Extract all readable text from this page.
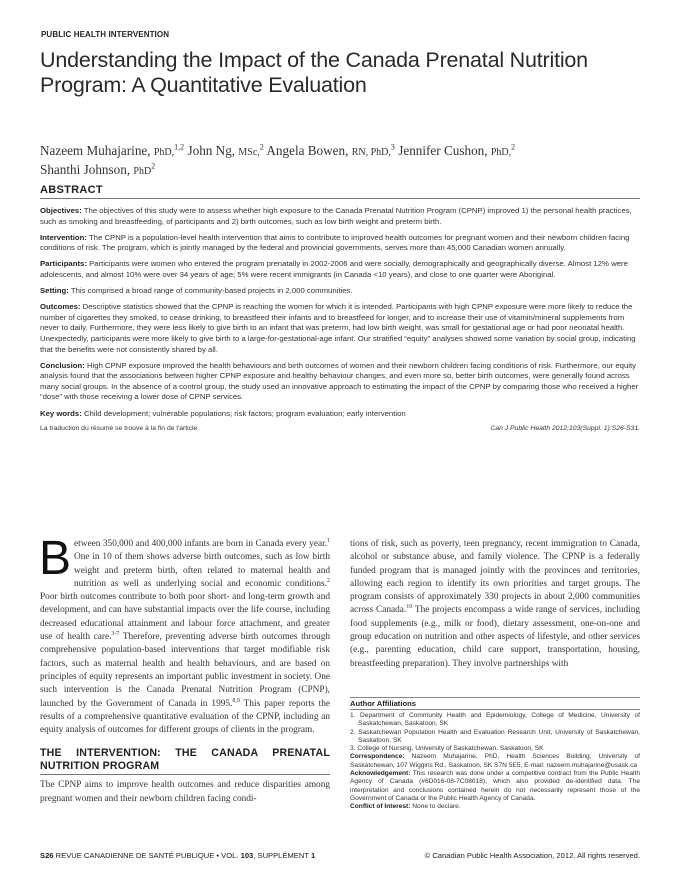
PUBLIC HEALTH INTERVENTION
Understanding the Impact of the Canada Prenatal Nutrition Program: A Quantitative Evaluation
Nazeem Muhajarine, PhD,$^{1,2}$ John Ng, MSc,$^2$ Angela Bowen, RN, PhD,$^3$ Jennifer Cushon, PhD,$^2$
Shanthi Johnson, PhD$^2$
ABSTRACT

Objectives: The objectives of this study were to assess whether high exposure to the Canada Prenatal Nutrition Program (CPNP) improved 1) the personal health practices, such as smoking and breastfeeding, of participants and 2) birth outcomes, such as low birth weight and preterm birth.

Intervention: The CPNP is a population-level health intervention that aims to contribute to improved health outcomes for pregnant women and their newborn children facing conditions of risk. The program, which is jointly managed by the federal and provincial governments, serves more than 45,000 Canadian women annually.

Participants: Participants were women who entered the program prenatally in 2002-2006 and were socially, demographically and geographically diverse. Almost 12% were adolescents, and almost 10% were over 34 years of age; 5% were recent immigrants (in Canada <10 years), and close to one quarter were Aboriginal.

Setting: This comprised a broad range of community-based projects in 2,000 communities.

Outcomes: Descriptive statistics showed that the CPNP is reaching the women for which it is intended. Participants with high CPNP exposure were more likely to reduce the number of cigarettes they smoked, to cease drinking, to breastfeed their infants and to breastfeed for longer, and to increase their use of vitamin/mineral supplements from never to daily. Furthermore, they were less likely to give birth to an infant that was preterm, had low birth weight, was small for gestational age or had poor neonatal health. Unexpectedly, participants were more likely to give birth to a large-for-gestational-age infant. Our stratified “equity” analyses showed some variation by social group, indicating that the benefits were not consistently shared by all.

Conclusion: High CPNP exposure improved the health behaviours and birth outcomes of women and their newborn children facing conditions of risk. Furthermore, our equity analysis found that the associations between higher CPNP exposure and healthy behaviour changes, and even more so, better birth outcomes, were generally found across many social groups. In the absence of a control group, the study used an innovative approach to estimating the impact of the CPNP by comparing those who received a higher “dose” with those receiving a lower dose of CPNP services.

Key words: Child development; vulnerable populations; risk factors; program evaluation; early intervention

La traduction du résumé se trouve à la fin de l'article.	Can J Public Health 2012;103(Suppl. 1):S26-S31.

Between 350,000 and 400,000 infants are born in Canada every year.$^1$ One in 10 of them shows adverse birth outcomes, such as low birth weight and preterm birth, often related to maternal health and nutrition as well as underlying social and economic conditions.$^2$ Poor birth outcomes contribute to both poor short- and long-term growth and development, and can have substantial impacts over the life course, including decreased educational attainment and labour force attachment, and greater use of health care.$^{3-7}$ Therefore, preventing adverse birth outcomes through comprehensive population-based interventions that target modifiable risk factors, such as maternal health and health behaviours, and are based on principles of equity represents an important public investment in society. One such intervention is the Canada Prenatal Nutrition Program (CPNP), launched by the Government of Canada in 1995.$^{8,9}$ This paper reports the results of a comprehensive quantitative evaluation of the CPNP, including an equity analysis of outcomes for different groups of clients in the program.

THE INTERVENTION: THE CANADA PRENATAL NUTRITION PROGRAM

The CPNP aims to improve health outcomes and reduce disparities among pregnant women and their newborn children facing condi-

tions of risk, such as poverty, teen pregnancy, recent immigration to Canada, alcohol or substance abuse, and family violence. The CPNP is a federally funded program that is managed jointly with the provinces and territories, allowing each region to identify its own priorities and target groups. The program consists of approximately 330 projects in about 2,000 communities across Canada.$^{10}$ The projects encompass a wide range of services, including food supplements (e.g., milk or food), dietary assessment, one-on-one and group education on nutrition and other aspects of lifestyle, and other services (e.g., parenting education, child care support, transportation, housing, breastfeeding preparation). They involve partnerships with

Author Affiliations
1. Department of Community Health and Epidemiology, College of Medicine, University of Saskatchewan, Saskatoon, SK
2. Saskatchewan Population Health and Evaluation Research Unit, University of Saskatchewan, Saskatoon, SK
3. College of Nursing, University of Saskatchewan, Saskatoon, SK
Correspondence: Nazeem Muhajarine, PhD, Health Sciences Building, University of Saskatchewan, 107 Wiggins Rd., Saskatoon, SK S7N 5E5, E-mail: nazeem.muhajarine@usask.ca
Acknowledgement: This research was done under a competitive contract from the Public Health Agency of Canada (#6D016-08-7C08018), which also provided de-identified data. The interpretation and conclusions contained herein do not necessarily represent those of the Government of Canada or the Public Health Agency of Canada.
Conflict of Interest: None to declare.
S26 REVUE CANADIENNE DE SANTÉ PUBLIQUE • VOL. 103, SUPPLÉMENT 1	© Canadian Public Health Association, 2012. All rights reserved.
